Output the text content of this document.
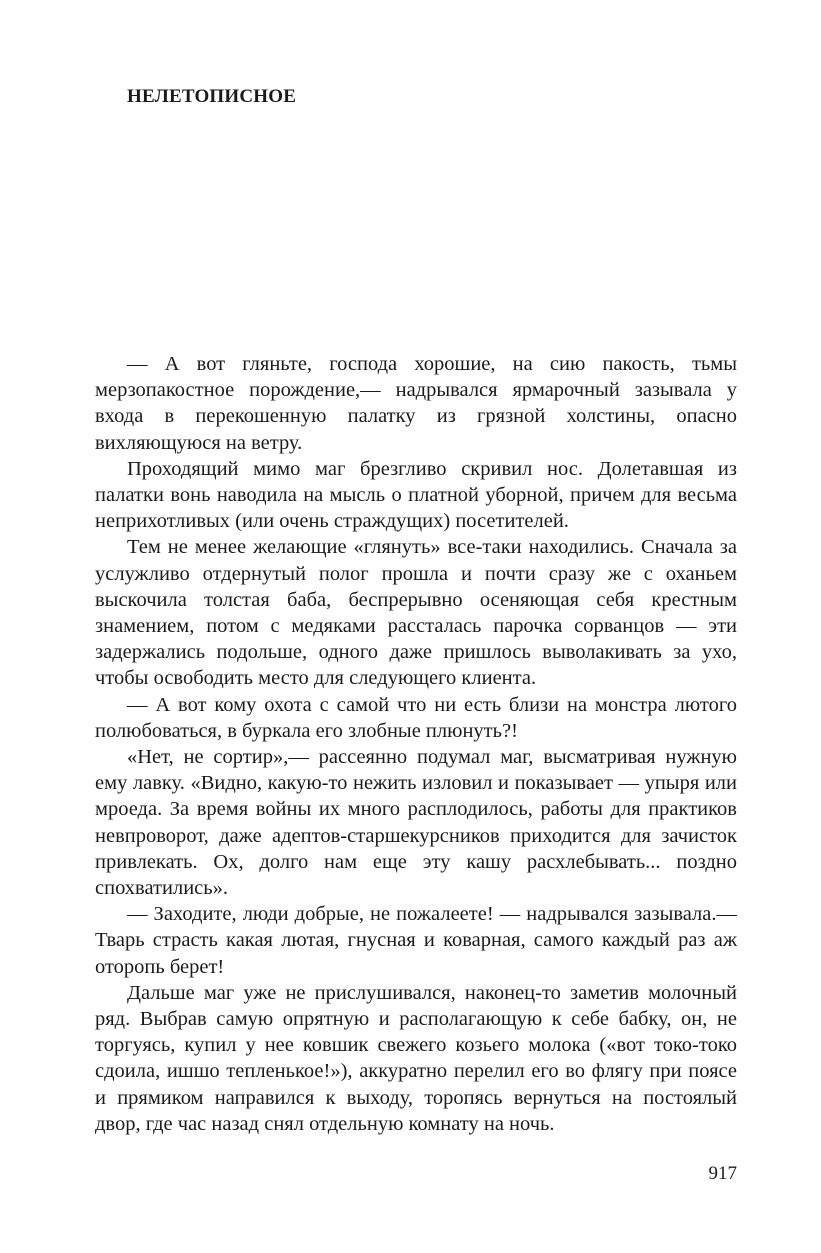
НЕЛЕТОПИСНОЕ

— А вот гляньте, господа хорошие, на сию пакость, тьмы мерзопакостное порождение,— надрывался ярмарочный зазывала у входа в перекошенную палатку из грязной холстины, опасно вихляющуюся на ветру.

Проходящий мимо маг брезгливо скривил нос. Долетавшая из палатки вонь наводила на мысль о платной уборной, причем для весьма неприхотливых (или очень страждущих) посетителей.

Тем не менее желающие «глянуть» все-таки находились. Сначала за услужливо отдернутый полог прошла и почти сразу же с оханьем выскочила толстая баба, беспрерывно осеняющая себя крестным знамением, потом с медяками рассталась парочка сорванцов — эти задержались подольше, одного даже пришлось выволакивать за ухо, чтобы освободить место для следующего клиента.

— А вот кому охота с самой что ни есть близи на монстра лютого полюбоваться, в буркала его злобные плюнуть?!

«Нет, не сортир»,— рассеянно подумал маг, высматривая нужную ему лавку. «Видно, какую-то нежить изловил и показывает — упыря или мроеда. За время войны их много расплодилось, работы для практиков невпроворот, даже адептов-старшекурсников приходится для зачисток привлекать. Ох, долго нам еще эту кашу расхлебывать... поздно спохватились».

— Заходите, люди добрые, не пожалеете! — надрывался зазывала.— Тварь страсть какая лютая, гнусная и коварная, самого каждый раз аж оторопь берет!

Дальше маг уже не прислушивался, наконец-то заметив молочный ряд. Выбрав самую опрятную и располагающую к себе бабку, он, не торгуясь, купил у нее ковшик свежего козьего молока («вот токо-токо сдоила, ишшо тепленькое!»), аккуратно перелил его во флягу при поясе и прямиком направился к выходу, торопясь вернуться на постоялый двор, где час назад снял отдельную комнату на ночь.

917
